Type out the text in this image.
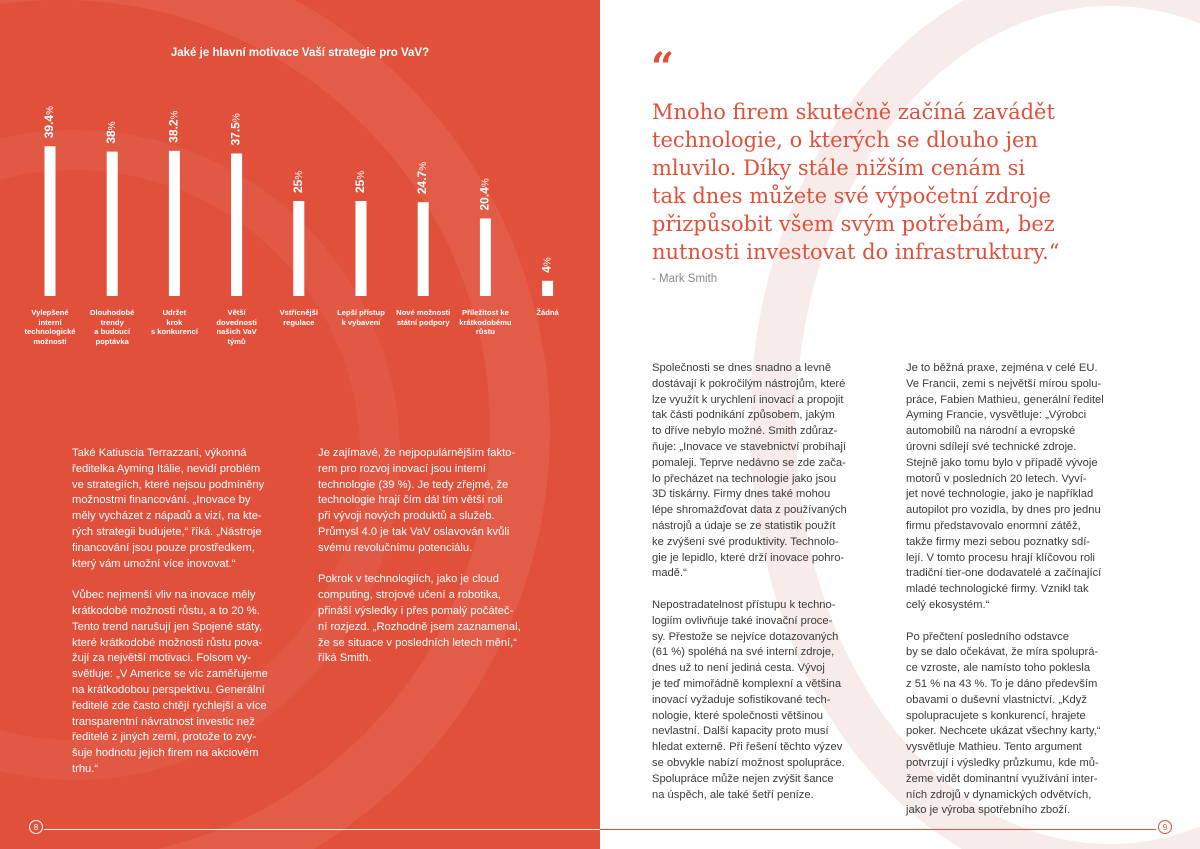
Jaké je hlavní motivace Vaší strategie pro VaV?
39.4%
38%	38.2%
37.5%
25%
25%	24.7%
20.4%
4%
Vylepšené
interní
technologické
možnosti
Dlouhodobé
trendy
a budoucí
poptávka
Udržet
krok
s konkurencí
Větší
dovednosti
našich VaV
týmů
Vstřícnější
regulace
Lepší přístup
k vybavení
Nové možnosti
státní podpory
Příležitost ke
krátkodobému
růstu
Žádná

Také Katiuscia Terrazzani, výkonná
ředitelka Ayming Itálie, nevidí problém
ve strategiích, které nejsou podmíněny
možnostmi financování. „Inovace by
měly vycházet z nápadů a vizí, na kte-
rých strategii budujete,“ říká. „Nástroje
financování jsou pouze prostředkem,
který vám umožní více inovovat.“

Vůbec nejmenší vliv na inovace měly
krátkodobé možnosti růstu, a to 20 %.
Tento trend narušují jen Spojené státy,
které krátkodobé možnosti růstu pova-
žují za největší motivaci. Folsom vy-
světluje: „V Americe se víc zaměřujeme
na krátkodobou perspektivu. Generální
ředitelé zde často chtějí rychlejší a více
transparentní návratnost investic než
ředitelé z jiných zemí, protože to zvy-
šuje hodnotu jejich firem na akciovém
trhu.“

Je zajímavé, že nejpopulárnějším fakto-
rem pro rozvoj inovací jsou interní
technologie (39 %). Je tedy zřejmé, že
technologie hrají čím dál tím větší roli
při vývoji nových produktů a služeb.
Průmysl 4.0 je tak VaV oslavován kvůli
svému revolučnímu potenciálu.

Pokrok v technologiích, jako je cloud
computing, strojové učení a robotika,
přináší výsledky i přes pomalý počáteč-
ní rozjezd. „Rozhodně jsem zaznamenal,
že se situace v posledních letech mění,“
říká Smith.

8
“

Mnoho firem skutečně začíná zavádět
technologie, o kterých se dlouho jen
mluvilo. Díky stále nižším cenám si
tak dnes můžete své výpočetní zdroje
přizpůsobit všem svým potřebám, bez
nutnosti investovat do infrastruktury.“

- Mark Smith

Společnosti se dnes snadno a levně
dostávají k pokročilým nástrojům, které
lze využít k urychlení inovací a propojit
tak části podnikání způsobem, jakým
to dříve nebylo možné. Smith zdůraz-
ňuje: „Inovace ve stavebnictví probíhají
pomaleji. Teprve nedávno se zde zača-
lo přecházet na technologie jako jsou
3D tiskárny. Firmy dnes také mohou
lépe shromažďovat data z používaných
nástrojů a údaje se ze statistik použít
ke zvýšení své produktivity. Technolo-
gie je lepidlo, které drží inovace pohro-
madě.“

Nepostradatelnost přístupu k techno-
logiím ovlivňuje také inovační proce-
sy. Přestože se nejvíce dotazovaných
(61 %) spoléhá na své interní zdroje,
dnes už to není jediná cesta. Vývoj
je teď mimořádně komplexní a většina
inovací vyžaduje sofistikované tech-
nologie, které společnosti většinou
nevlastní. Další kapacity proto musí
hledat externě. Při řešení těchto výzev
se obvykle nabízí možnost spolupráce.
Spolupráce může nejen zvýšit šance
na úspěch, ale také šetří peníze.

Je to běžná praxe, zejména v celé EU.
Ve Francii, zemi s největší mírou spolu-
práce, Fabien Mathieu, generální ředitel
Ayming Francie, vysvětluje: „Výrobci
automobilů na národní a evropské
úrovni sdílejí své technické zdroje.
Stejně jako tomu bylo v případě vývoje
motorů v posledních 20 letech. Vyví-
jet nové technologie, jako je například
autopilot pro vozidla, by dnes pro jednu
firmu představovalo enormní zátěž,
takže firmy mezi sebou poznatky sdí-
lejí. V tomto procesu hrají klíčovou roli
tradiční tier-one dodavatelé a začínající
mladé technologické firmy. Vznikl tak
celý ekosystém.“

Po přečtení posledního odstavce
by se dalo očekávat, že míra spoluprá-
ce vzroste, ale namísto toho poklesla
z 51 % na 43 %. To je dáno především
obavami o duševní vlastnictví. „Když
spolupracujete s konkurencí, hrajete
poker. Nechcete ukázat všechny karty,“
vysvětluje Mathieu. Tento argument
potvrzují i výsledky průzkumu, kde mů-
žeme vidět dominantní využívání inter-
ních zdrojů v dynamických odvětvích,
jako je výroba spotřebního zboží.

9
